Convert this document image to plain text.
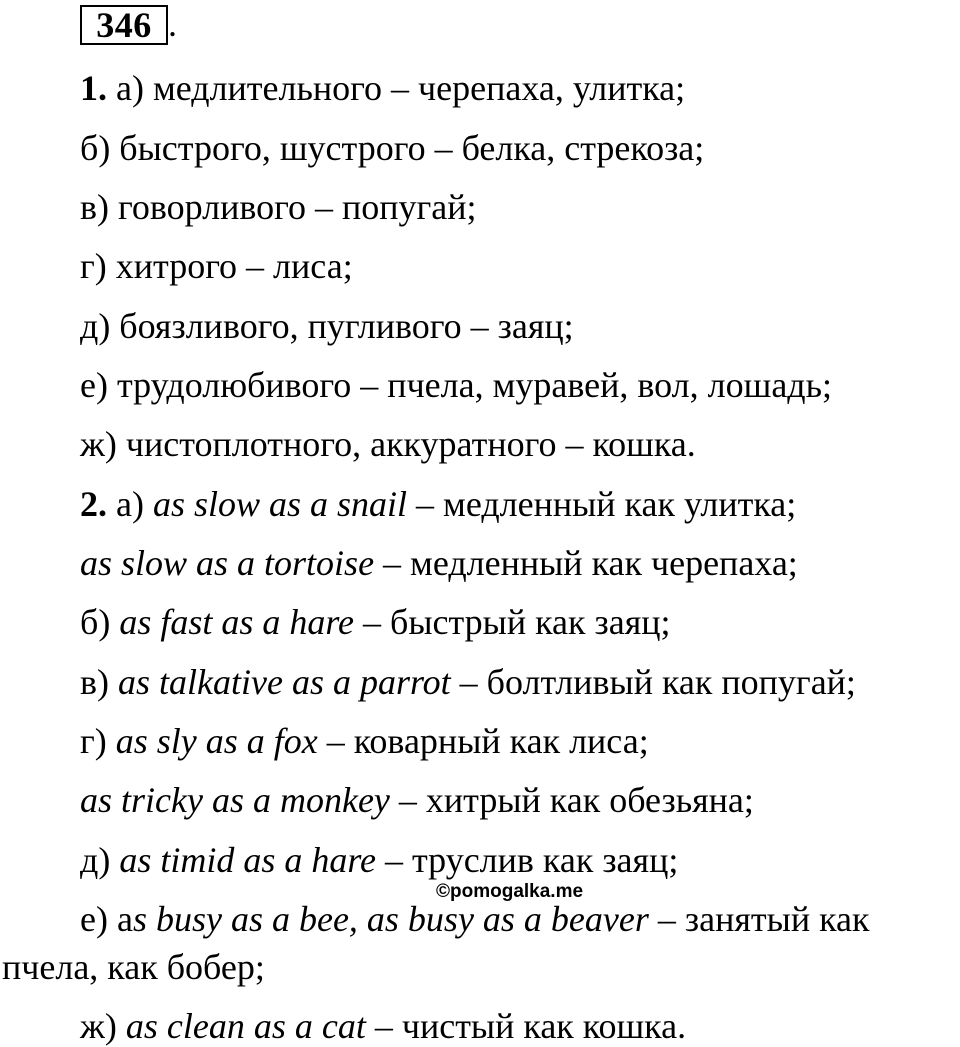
346 .
1. а) медлительного – черепаха, улитка;
б) быстрого, шустрого – белка, стрекоза;
в) говорливого – попугай;
г) хитрого – лиса;
д) боязливого, пугливого – заяц;
е) трудолюбивого – пчела, муравей, вол, лошадь;
ж) чистоплотного, аккуратного – кошка.
2. а) as slow as a snail – медленный как улитка;
as slow as a tortoise – медленный как черепаха;
б) as fast as a hare – быстрый как заяц;
в) as talkative as a parrot – болтливый как попугай;
г) as sly as a fox – коварный как лиса;
as tricky as a monkey – хитрый как обезьяна;
д) as timid as a hare – труслив как заяц;
©pomogalka.me
е) as busy as a bee, as busy as a beaver – занятый как
пчела, как бобер;
ж) as clean as a cat – чистый как кошка.
